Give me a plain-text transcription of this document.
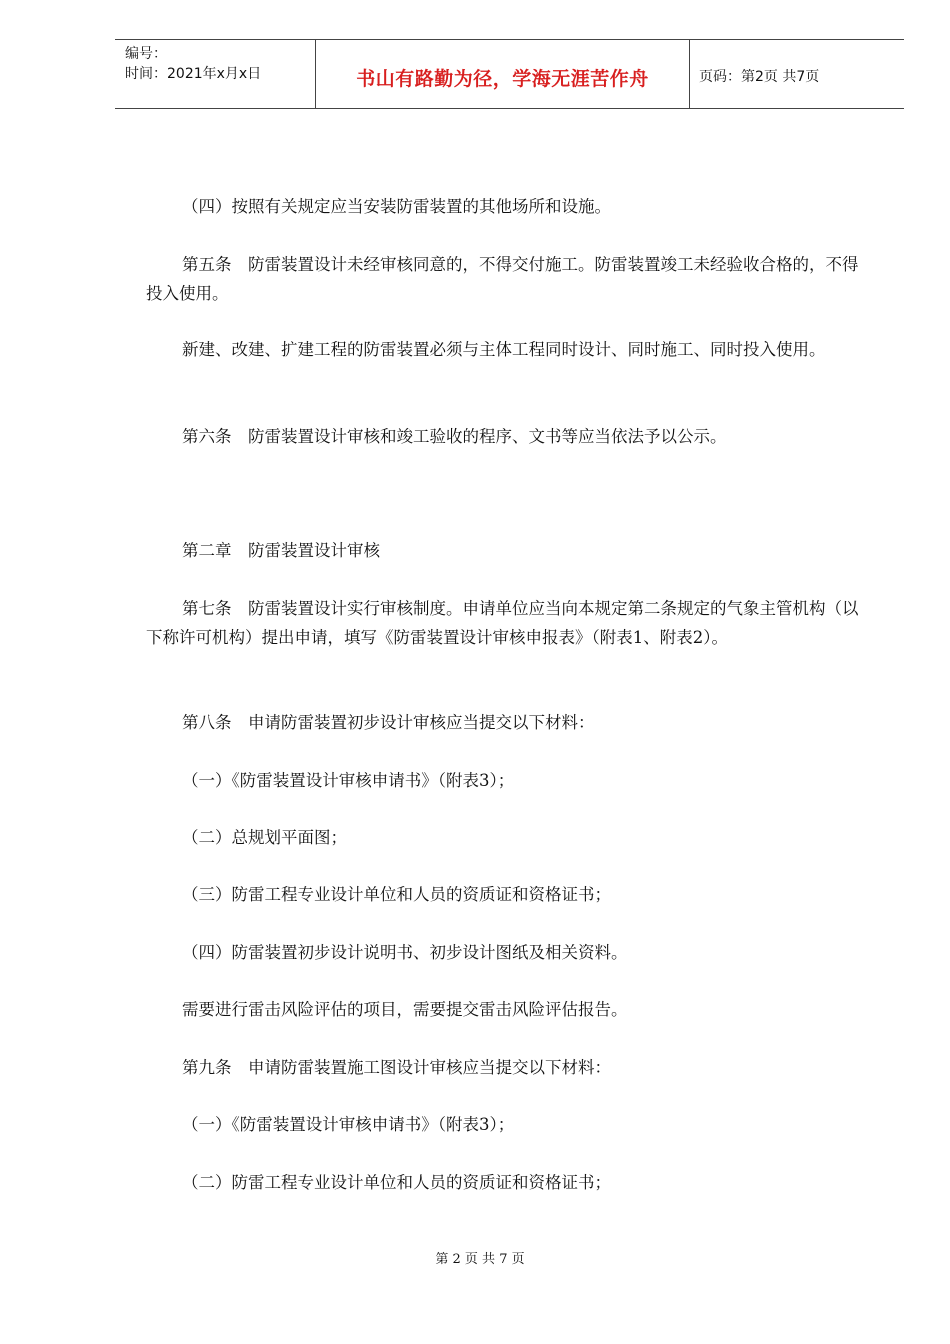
编号：
时间：2021年x月x日	书山有路勤为径，学海无涯苦作舟	页码：第2页 共7页
（四）按照有关规定应当安装防雷装置的其他场所和设施。
第五条　防雷装置设计未经审核同意的，不得交付施工。防雷装置竣工未经验收合格的，不得投入使用。
新建、改建、扩建工程的防雷装置必须与主体工程同时设计、同时施工、同时投入使用。
第六条　防雷装置设计审核和竣工验收的程序、文书等应当依法予以公示。
第二章　防雷装置设计审核
第七条　防雷装置设计实行审核制度。申请单位应当向本规定第二条规定的气象主管机构（以下称许可机构）提出申请，填写《防雷装置设计审核申报表》（附表1、附表2）。
第八条　申请防雷装置初步设计审核应当提交以下材料：
（一）《防雷装置设计审核申请书》（附表3）；
（二）总规划平面图；
（三）防雷工程专业设计单位和人员的资质证和资格证书；
（四）防雷装置初步设计说明书、初步设计图纸及相关资料。
需要进行雷击风险评估的项目，需要提交雷击风险评估报告。
第九条　申请防雷装置施工图设计审核应当提交以下材料：
（一）《防雷装置设计审核申请书》（附表3）；
（二）防雷工程专业设计单位和人员的资质证和资格证书；
第 2 页 共 7 页
